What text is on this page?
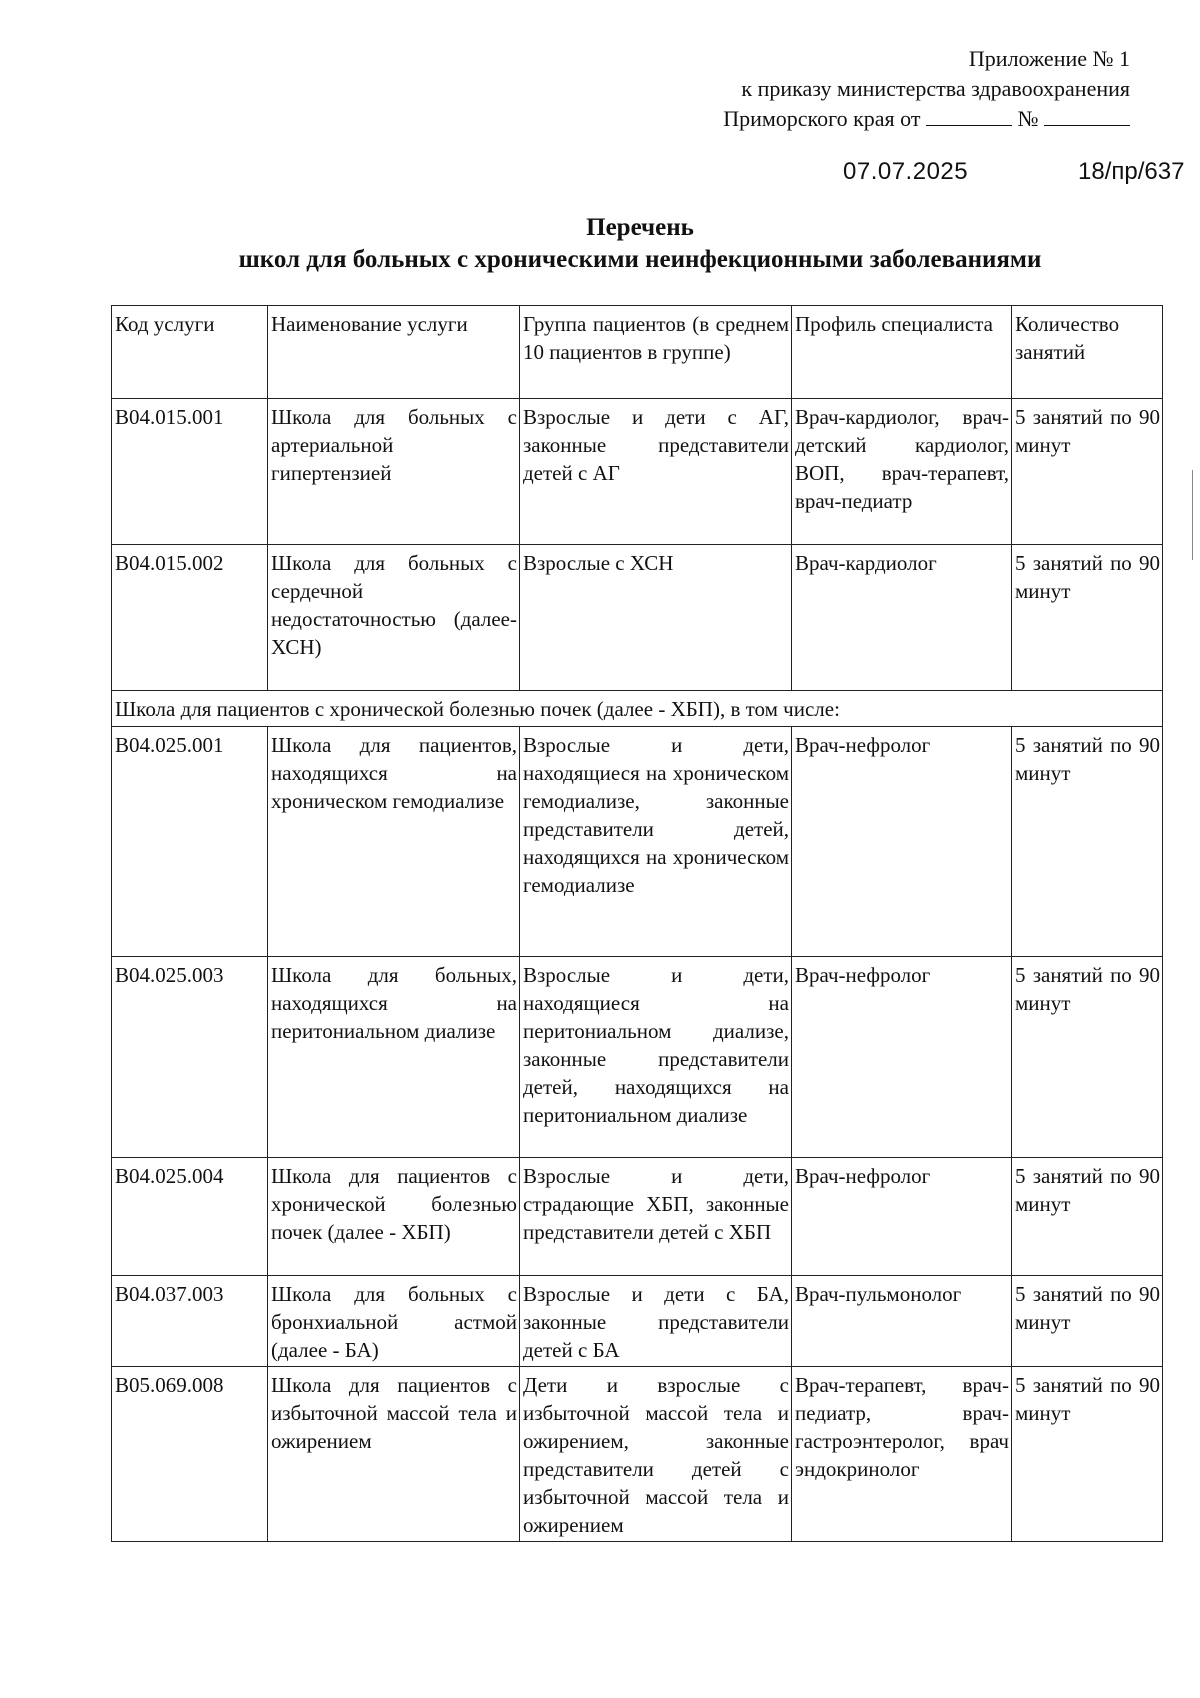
Приложение № 1
к приказу министерства здравоохранения
Приморского края от	№
07.07.2025	18/пр/637
Перечень
школ для больных с хроническими неинфекционными заболеваниями
Код услуги	Наименование услуги	Группа пациентов (в среднем 10 пациентов в группе)	Профиль специалиста	Количество занятий
B04.015.001	Школа для больных с артериальной гипертензией	Взрослые и дети с АГ, законные представители детей с АГ	Врач-кардиолог, врач-детский кардиолог, ВОП, врач-терапевт, врач-педиатр	5 занятий по 90 минут
B04.015.002	Школа для больных с сердечной недостаточностью (далее- ХСН)	Взрослые с ХСН	Врач-кардиолог	5 занятий по 90 минут
Школа для пациентов с хронической болезнью почек (далее - ХБП), в том числе:				
B04.025.001	Школа для пациентов, находящихся на хроническом гемодиализе	Взрослые и дети, находящиеся на хроническом гемодиализе, законные представители детей, находящихся на хроническом гемодиализе	Врач-нефролог	5 занятий по 90 минут
B04.025.003	Школа для больных, находящихся на перитониальном диализе	Взрослые и дети, находящиеся на перитониальном диализе, законные представители детей, находящихся на перитониальном диализе	Врач-нефролог	5 занятий по 90 минут
B04.025.004	Школа для пациентов с хронической болезнью почек (далее - ХБП)	Взрослые и дети, страдающие ХБП, законные представители детей с ХБП	Врач-нефролог	5 занятий по 90 минут
B04.037.003	Школа для больных с бронхиальной астмой (далее - БА)	Взрослые и дети с БА, законные представители детей с БА	Врач-пульмонолог	5 занятий по 90 минут
B05.069.008	Школа для пациентов с избыточной массой тела и ожирением	Дети и взрослые с избыточной массой тела и ожирением, законные представители детей с избыточной массой тела и ожирением	Врач-терапевт, врач-педиатр, врач-гастроэнтеролог, врач эндокринолог	5 занятий по 90 минут
